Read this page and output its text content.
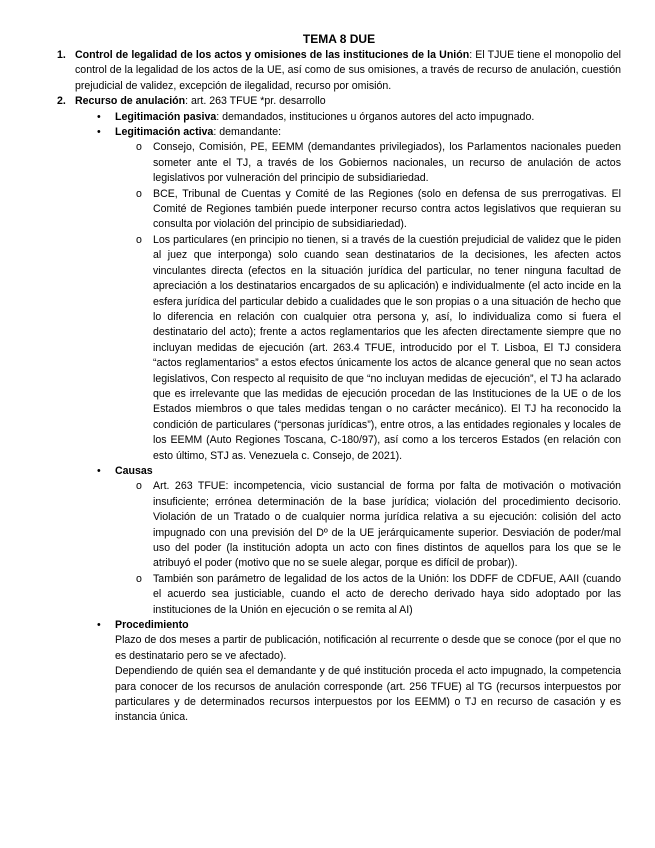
TEMA 8 DUE

1. Control de legalidad de los actos y omisiones de las instituciones de la Unión: El TJUE tiene el monopolio del control de la legalidad de los actos de la UE, así como de sus omisiones, a través de recurso de anulación, cuestión prejudicial de validez, excepción de ilegalidad, recurso por omisión.

2. Recurso de anulación: art. 263 TFUE *pr. desarrollo

• Legitimación pasiva: demandados, instituciones u órganos autores del acto impugnado.

• Legitimación activa: demandante:

o Consejo, Comisión, PE, EEMM (demandantes privilegiados), los Parlamentos nacionales pueden someter ante el TJ, a través de los Gobiernos nacionales, un recurso de anulación de actos legislativos por vulneración del principio de subsidiariedad.

o BCE, Tribunal de Cuentas y Comité de las Regiones (solo en defensa de sus prerrogativas. El Comité de Regiones también puede interponer recurso contra actos legislativos que requieran su consulta por violación del principio de subsidiariedad).

o Los particulares (en principio no tienen, si a través de la cuestión prejudicial de validez que le piden al juez que interponga) solo cuando sean destinatarios de la decisiones, les afecten actos vinculantes directa (efectos en la situación jurídica del particular, no tener ninguna facultad de apreciación a los destinatarios encargados de su aplicación) e individualmente (el acto incide en la esfera jurídica del particular debido a cualidades que le son propias o a una situación de hecho que lo diferencia en relación con cualquier otra persona y, así, lo individualiza como si fuera el destinatario del acto); frente a actos reglamentarios que les afecten directamente siempre que no incluyan medidas de ejecución (art. 263.4 TFUE, introducido por el T. Lisboa, El TJ considera “actos reglamentarios” a estos efectos únicamente los actos de alcance general que no sean actos legislativos, Con respecto al requisito de que “no incluyan medidas de ejecución”, el TJ ha aclarado que es irrelevante que las medidas de ejecución procedan de las Instituciones de la UE o de los Estados miembros o que tales medidas tengan o no carácter mecánico). El TJ ha reconocido la condición de particulares (“personas jurídicas”), entre otros, a las entidades regionales y locales de los EEMM (Auto Regiones Toscana, C-180/97), así como a los terceros Estados (en relación con esto último, STJ as. Venezuela c. Consejo, de 2021).

• Causas

o Art. 263 TFUE: incompetencia, vicio sustancial de forma por falta de motivación o motivación insuficiente; errónea determinación de la base jurídica; violación del procedimiento decisorio. Violación de un Tratado o de cualquier norma jurídica relativa a su ejecución: colisión del acto impugnado con una previsión del Dº de la UE jerárquicamente superior. Desviación de poder/mal uso del poder (la institución adopta un acto con fines distintos de aquellos para los que se le atribuyó el poder (motivo que no se suele alegar, porque es difícil de probar)).

o También son parámetro de legalidad de los actos de la Unión: los DDFF de CDFUE, AAII (cuando el acuerdo sea justiciable, cuando el acto de derecho derivado haya sido adoptado por las instituciones de la Unión en ejecución o se remita al AI)

• Procedimiento

Plazo de dos meses a partir de publicación, notificación al recurrente o desde que se conoce (por el que no es destinatario pero se ve afectado).

Dependiendo de quién sea el demandante y de qué institución proceda el acto impugnado, la competencia para conocer de los recursos de anulación corresponde (art. 256 TFUE) al TG (recursos interpuestos por particulares y de determinados recursos interpuestos por los EEMM) o TJ en recurso de casación y es instancia única.
